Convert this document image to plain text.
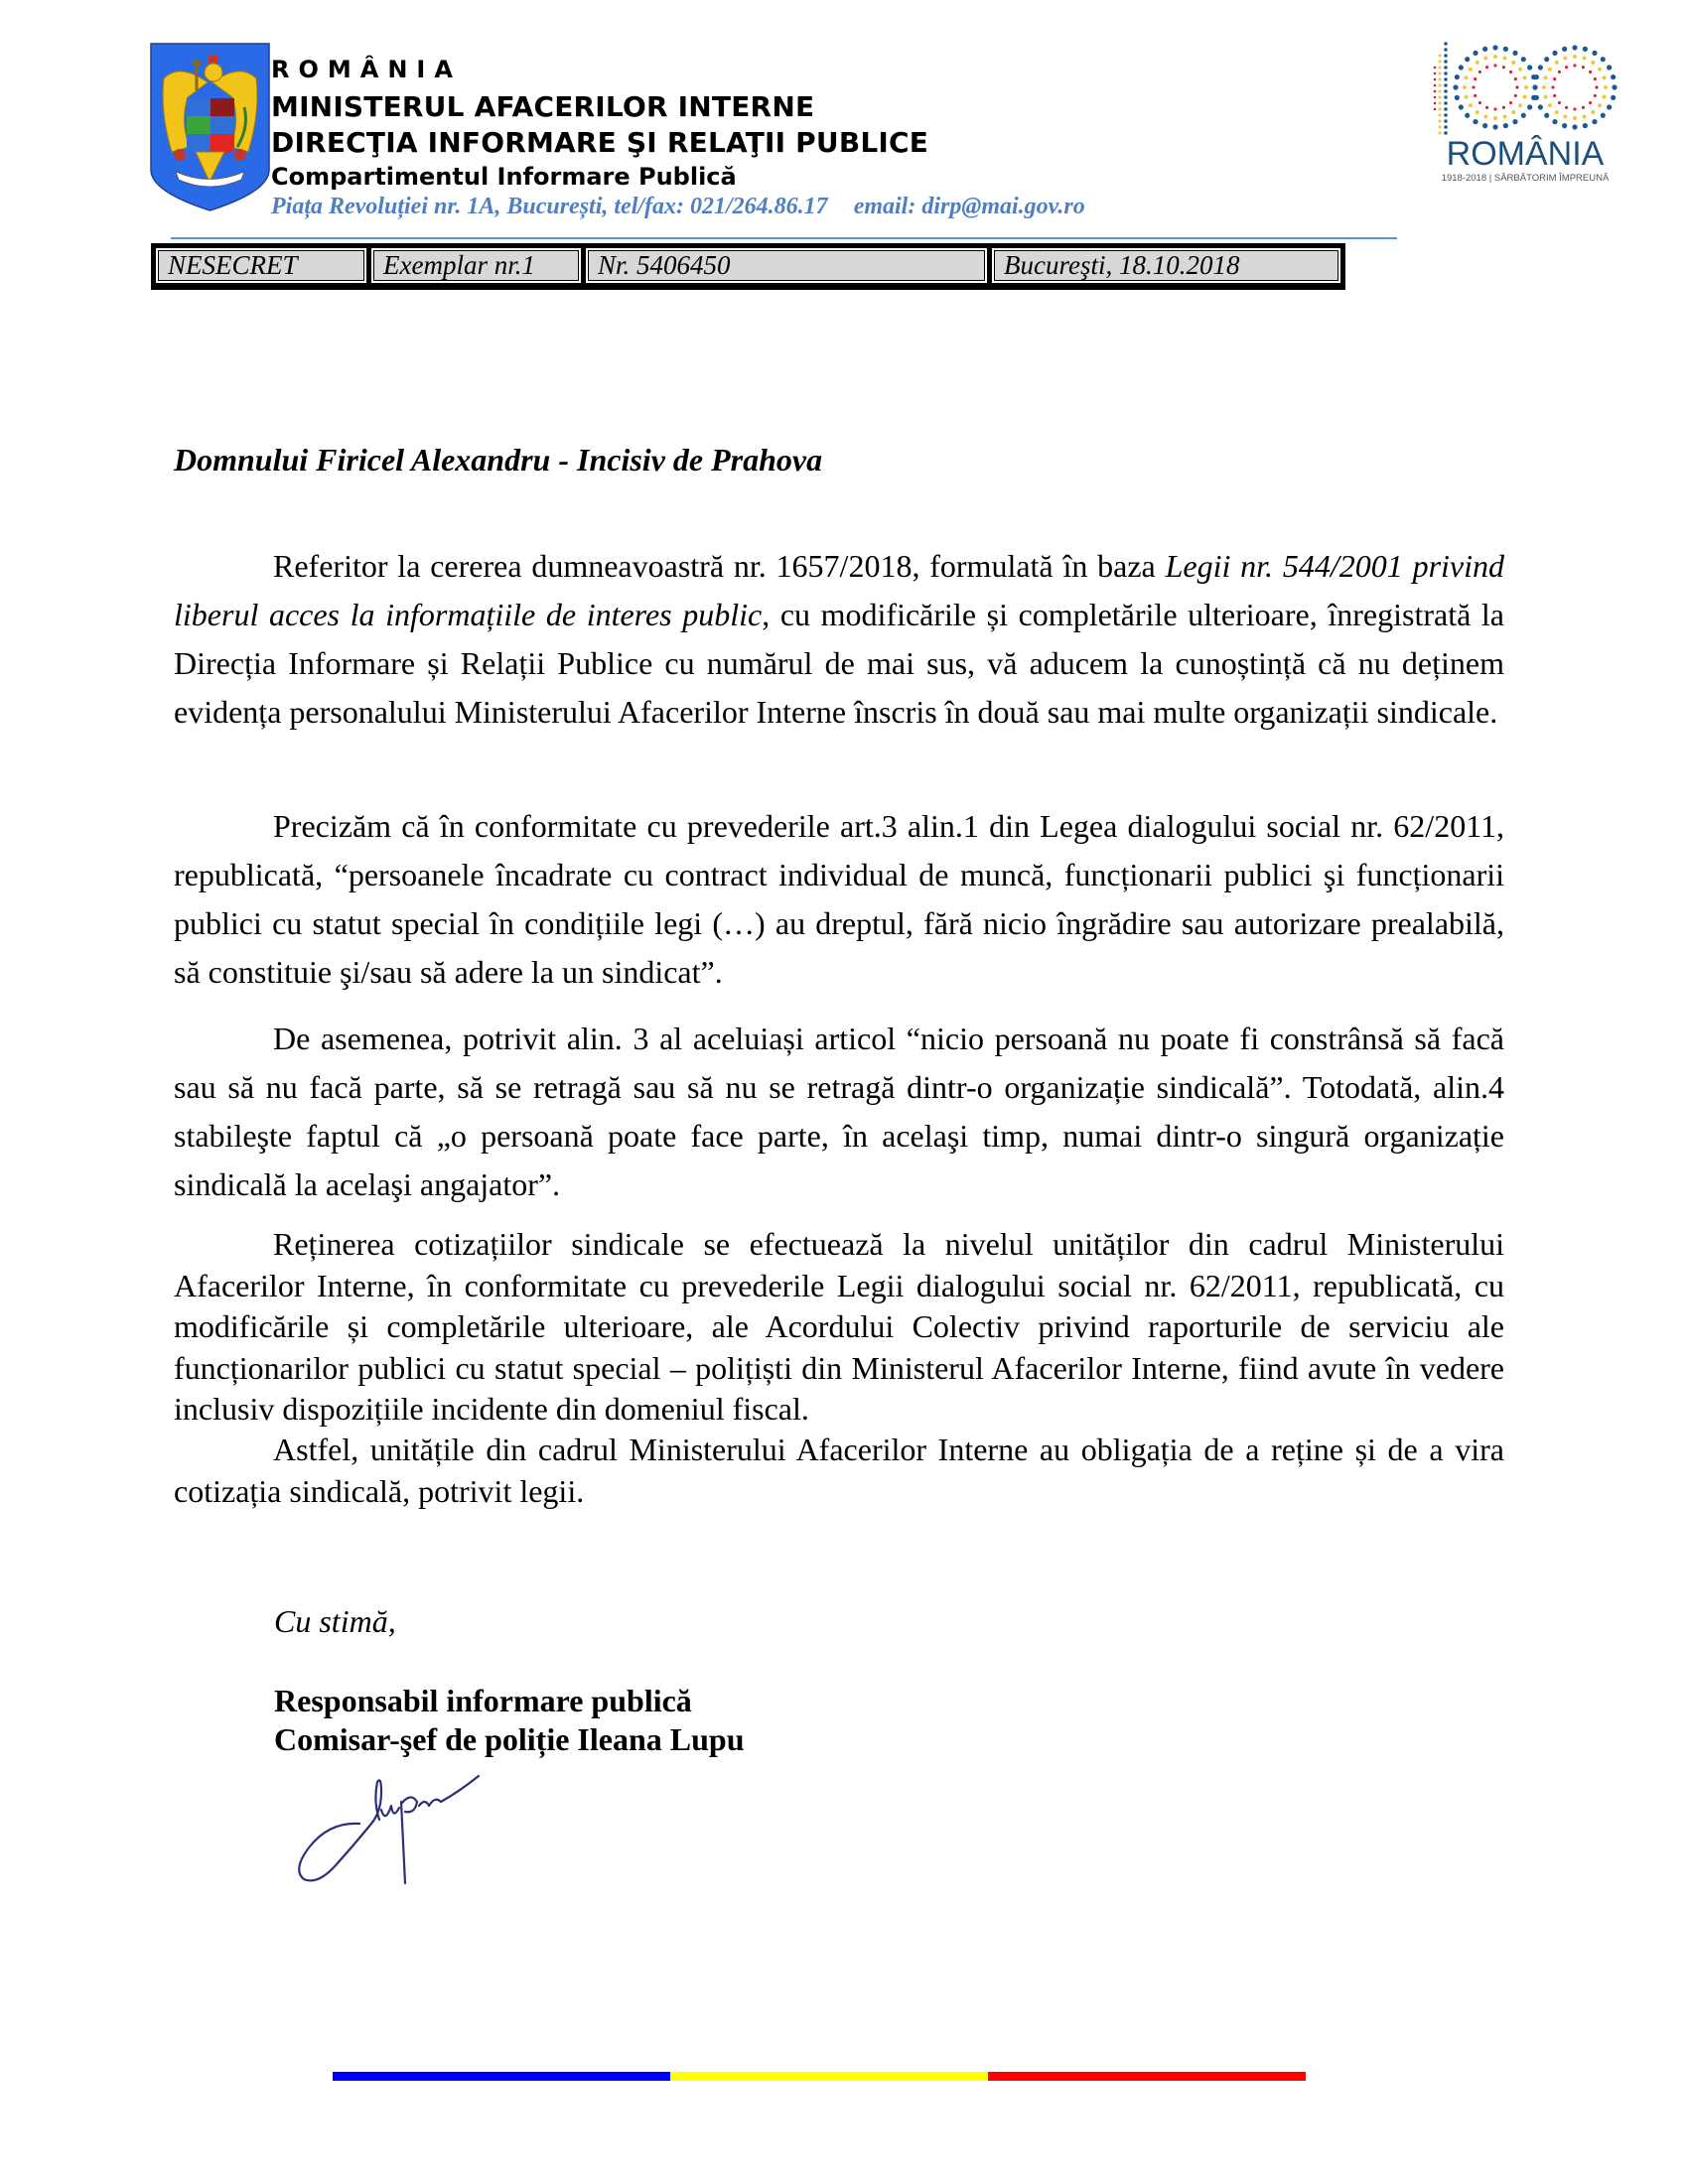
ROMÂNIA
MINISTERUL AFACERILOR INTERNE
DIRECŢIA INFORMARE ŞI RELAŢII PUBLICE
Compartimentul Informare Publică
Piața Revoluției nr. 1A, București, tel/fax: 021/264.86.17 email: dirp@mai.gov.ro
ROMÂNIA
1918-2018 | SĂRBĂTORIM ÎMPREUNĂ
NESECRET	Exemplar nr.1	Nr. 5406450	Bucureşti, 18.10.2018
Domnului Firicel Alexandru - Incisiv de Prahova

Referitor la cererea dumneavoastră nr. 1657/2018, formulată în baza Legii nr. 544/2001 privind liberul acces la informațiile de interes public, cu modificările și completările ulterioare, înregistrată la Direcția Informare și Relații Publice cu numărul de mai sus, vă aducem la cunoștință că nu deținem evidența personalului Ministerului Afacerilor Interne înscris în două sau mai multe organizații sindicale.

Precizăm că în conformitate cu prevederile art.3 alin.1 din Legea dialogului social nr. 62/2011, republicată, “persoanele încadrate cu contract individual de muncă, funcționarii publici şi funcționarii publici cu statut special în condițiile legi (…) au dreptul, fără nicio îngrădire sau autorizare prealabilă, să constituie şi/sau să adere la un sindicat”.

De asemenea, potrivit alin. 3 al aceluiași articol “nicio persoană nu poate fi constrânsă să facă sau să nu facă parte, să se retragă sau să nu se retragă dintr-o organizație sindicală”. Totodată, alin.4 stabileşte faptul că „o persoană poate face parte, în acelaşi timp, numai dintr-o singură organizație sindicală la acelaşi angajator”.

Reținerea cotizațiilor sindicale se efectuează la nivelul unităților din cadrul Ministerului Afacerilor Interne, în conformitate cu prevederile Legii dialogului social nr. 62/2011, republicată, cu modificările și completările ulterioare, ale Acordului Colectiv privind raporturile de serviciu ale funcționarilor publici cu statut special – polițiști din Ministerul Afacerilor Interne, fiind avute în vedere inclusiv dispozițiile incidente din domeniul fiscal.

Astfel, unitățile din cadrul Ministerului Afacerilor Interne au obligația de a reține și de a vira cotizația sindicală, potrivit legii.

Cu stimă,
Responsabil informare publică
Comisar-şef de poliție Ileana Lupu
